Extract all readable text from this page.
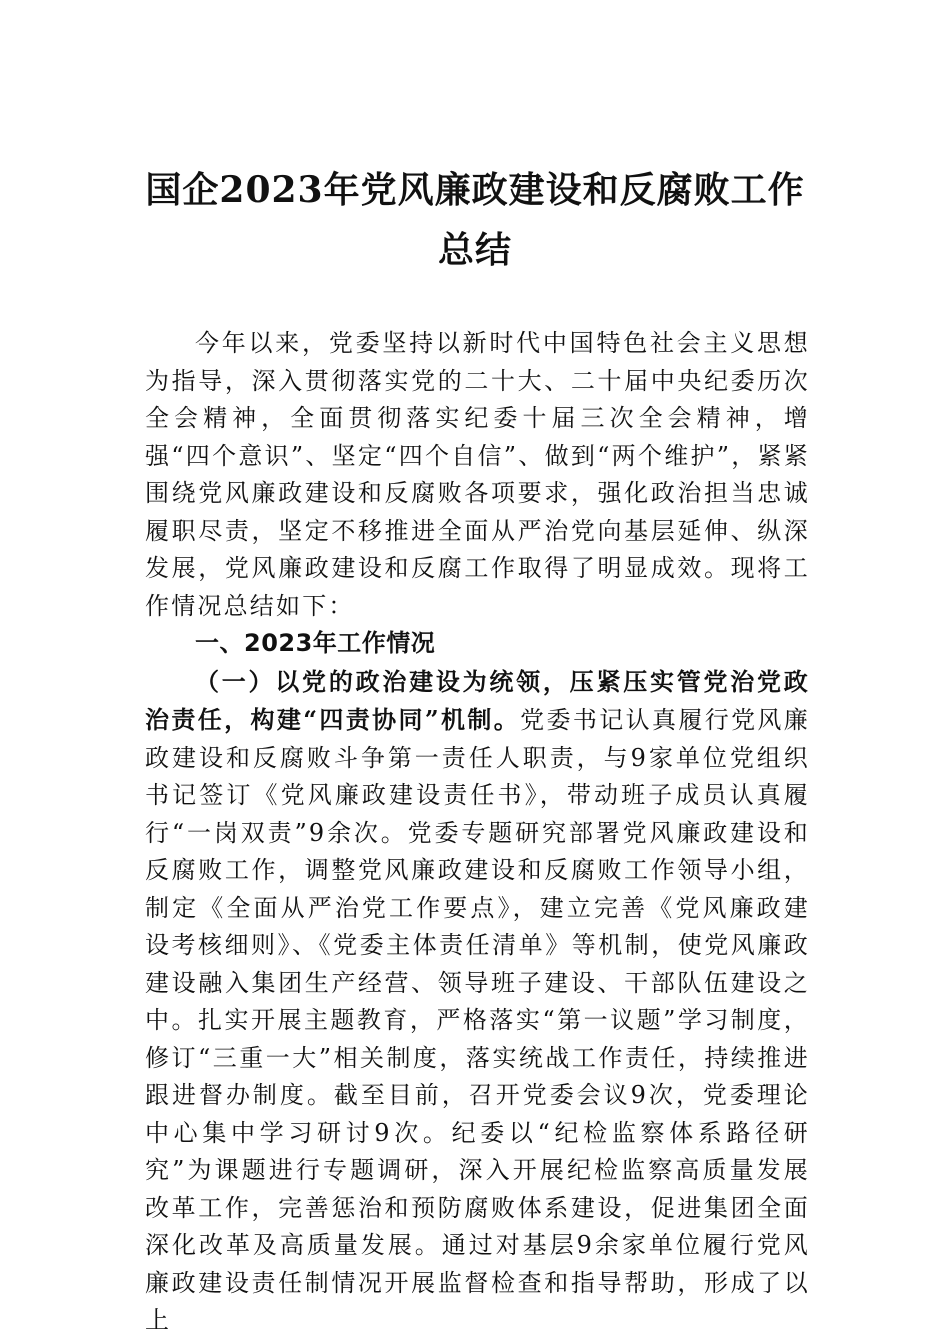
国企2023年党风廉政建设和反腐败工作总结

今年以来，党委坚持以新时代中国特色社会主义思想为指导，深入贯彻落实党的二十大、二十届中央纪委历次全会精神，全面贯彻落实纪委十届三次全会精神，增强“四个意识”、坚定“四个自信”、做到“两个维护”，紧紧围绕党风廉政建设和反腐败各项要求，强化政治担当忠诚履职尽责，坚定不移推进全面从严治党向基层延伸、纵深发展，党风廉政建设和反腐工作取得了明显成效。现将工作情况总结如下：

一、2023年工作情况

（一）以党的政治建设为统领，压紧压实管党治党政治责任，构建“四责协同”机制。党委书记认真履行党风廉政建设和反腐败斗争第一责任人职责，与9家单位党组织书记签订《党风廉政建设责任书》，带动班子成员认真履行“一岗双责”9余次。党委专题研究部署党风廉政建设和反腐败工作，调整党风廉政建设和反腐败工作领导小组，制定《全面从严治党工作要点》，建立完善《党风廉政建设考核细则》、《党委主体责任清单》等机制，使党风廉政建设融入集团生产经营、领导班子建设、干部队伍建设之中。扎实开展主题教育，严格落实“第一议题”学习制度，修订“三重一大”相关制度，落实统战工作责任，持续推进跟进督办制度。截至目前，召开党委会议9次，党委理论中心集中学习研讨9次。纪委以“纪检监察体系路径研究”为课题进行专题调研，深入开展纪检监察高质量发展改革工作，完善惩治和预防腐败体系建设，促进集团全面深化改革及高质量发展。通过对基层9余家单位履行党风廉政建设责任制情况开展监督检查和指导帮助，形成了以上
